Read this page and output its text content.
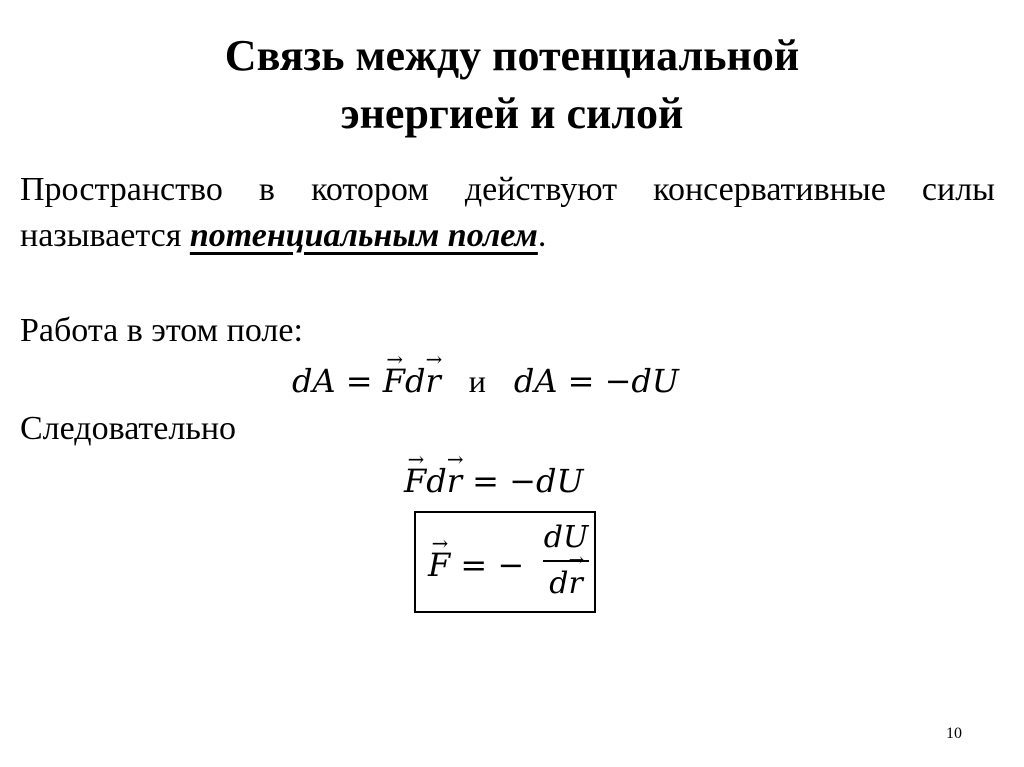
Связь между потенциальной
энергией и силой

Пространство в котором действуют консервативные силы называется потенциальным полем.

Работа в этом поле:

dA = → Fd→ r и dA = −dU

Следовательно

→ Fd→ r = −dU
→ F = −
dU
d→ r
10
